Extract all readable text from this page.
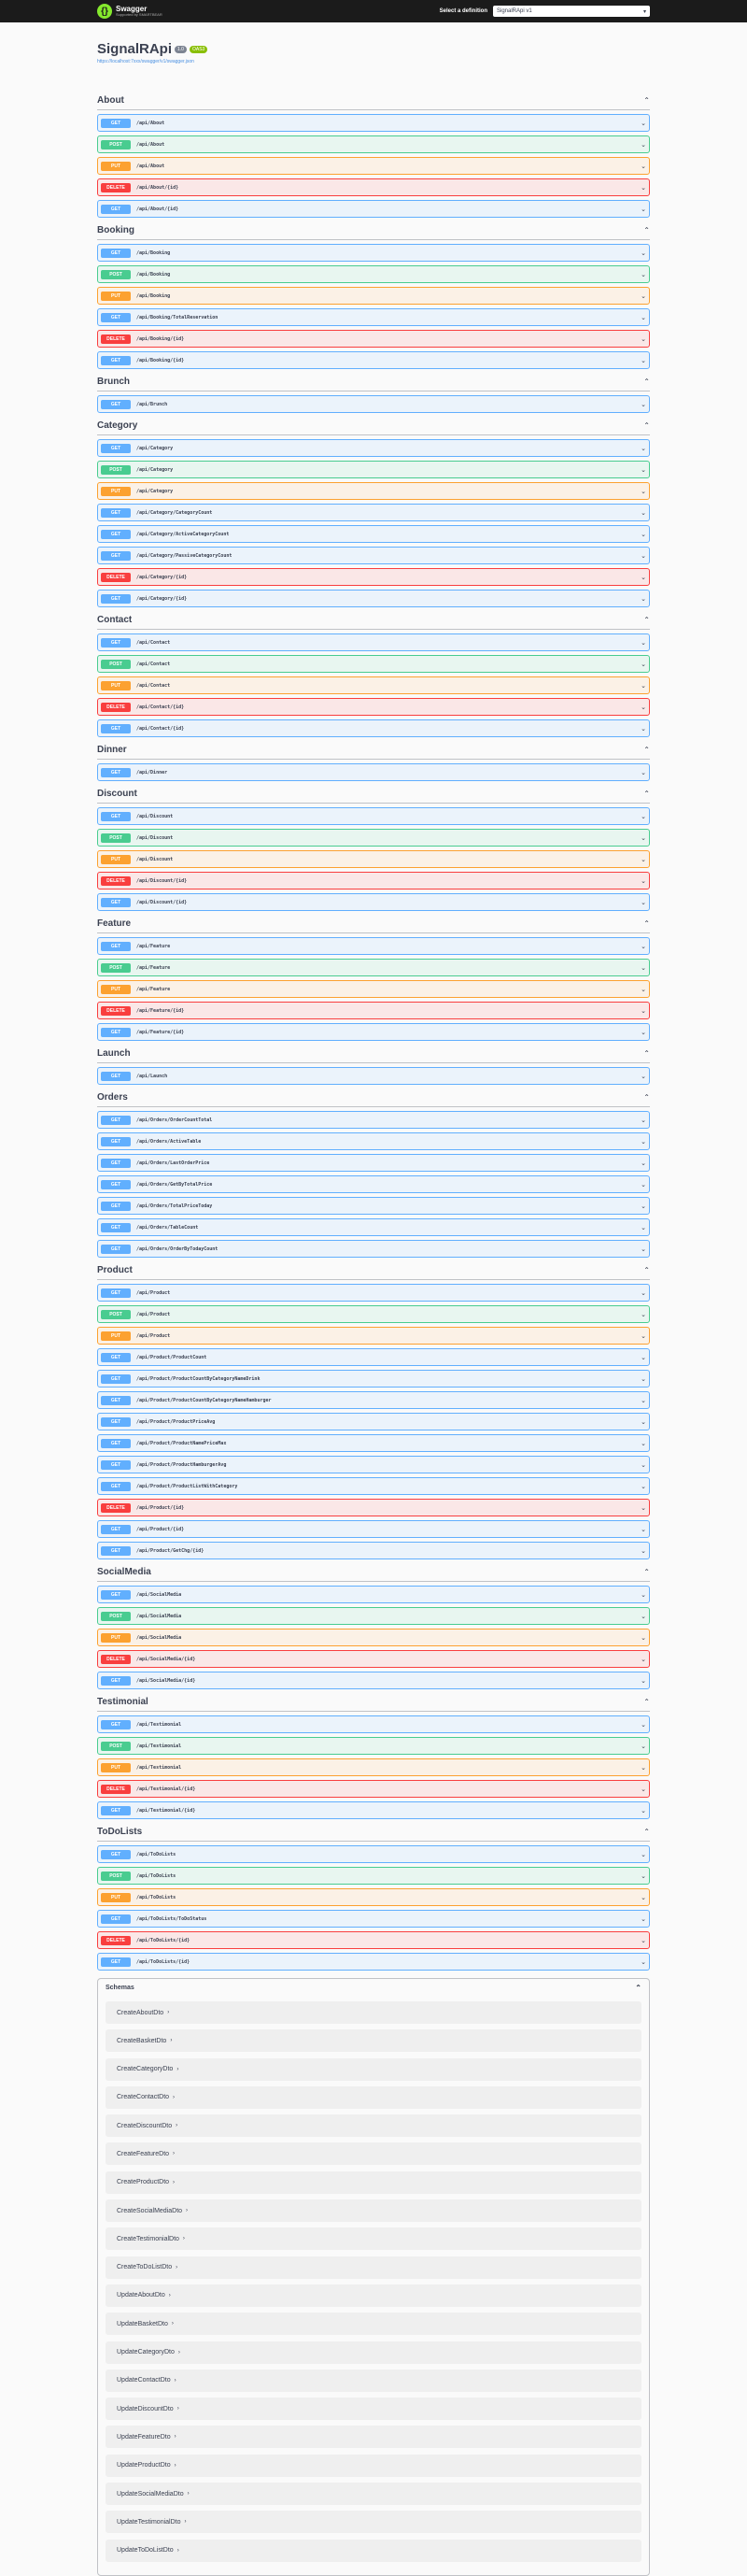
{}	Swagger
Supported by SMARTBEAR
Select a definition SignalRApi v1	▾
SignalRApi	1.0	OAS3
https://localhost:7xxx/swagger/v1/swagger.json
About	⌃
GET	/api/About	⌄
POST	/api/About	⌄
PUT	/api/About	⌄
DELETE	/api/About/{id}	⌄
GET	/api/About/{id}	⌄
Booking	⌃
GET	/api/Booking	⌄
POST	/api/Booking	⌄
PUT	/api/Booking	⌄
GET	/api/Booking/TotalReservation	⌄
DELETE	/api/Booking/{id}	⌄
GET	/api/Booking/{id}	⌄
Brunch	⌃
GET	/api/Brunch	⌄
Category	⌃
GET	/api/Category	⌄
POST	/api/Category	⌄
PUT	/api/Category	⌄
GET	/api/Category/CategoryCount	⌄
GET	/api/Category/ActiveCategoryCount	⌄
GET	/api/Category/PassiveCategoryCount	⌄
DELETE	/api/Category/{id}	⌄
GET	/api/Category/{id}	⌄
Contact	⌃
GET	/api/Contact	⌄
POST	/api/Contact	⌄
PUT	/api/Contact	⌄
DELETE	/api/Contact/{id}	⌄
GET	/api/Contact/{id}	⌄
Dinner	⌃
GET	/api/Dinner	⌄
Discount	⌃
GET	/api/Discount	⌄
POST	/api/Discount	⌄
PUT	/api/Discount	⌄
DELETE	/api/Discount/{id}	⌄
GET	/api/Discount/{id}	⌄
Feature	⌃
GET	/api/Feature	⌄
POST	/api/Feature	⌄
PUT	/api/Feature	⌄
DELETE	/api/Feature/{id}	⌄
GET	/api/Feature/{id}	⌄
Launch	⌃
GET	/api/Launch	⌄
Orders	⌃
GET	/api/Orders/OrderCountTotal	⌄
GET	/api/Orders/ActiveTable	⌄
GET	/api/Orders/LastOrderPrice	⌄
GET	/api/Orders/GetByTotalPrice	⌄
GET	/api/Orders/TotalPriceToday	⌄
GET	/api/Orders/TableCount	⌄
GET	/api/Orders/OrderByTodayCount	⌄
Product	⌃
GET	/api/Product	⌄
POST	/api/Product	⌄
PUT	/api/Product	⌄
GET	/api/Product/ProductCount	⌄
GET	/api/Product/ProductCountByCategoryNameDrink	⌄
GET	/api/Product/ProductCountByCategoryNameHamburger	⌄
GET	/api/Product/ProductPriceAvg	⌄
GET	/api/Product/ProductNamePriceMax	⌄
GET	/api/Product/ProductHamburgerAvg	⌄
GET	/api/Product/ProductListWithCategory	⌄
DELETE	/api/Product/{id}	⌄
GET	/api/Product/{id}	⌄
GET	/api/Product/GetChg/{id}	⌄
SocialMedia	⌃
GET	/api/SocialMedia	⌄
POST	/api/SocialMedia	⌄
PUT	/api/SocialMedia	⌄
DELETE	/api/SocialMedia/{id}	⌄
GET	/api/SocialMedia/{id}	⌄
Testimonial	⌃
GET	/api/Testimonial	⌄
POST	/api/Testimonial	⌄
PUT	/api/Testimonial	⌄
DELETE	/api/Testimonial/{id}	⌄
GET	/api/Testimonial/{id}	⌄
ToDoLists	⌃
GET	/api/ToDoLists	⌄
POST	/api/ToDoLists	⌄
PUT	/api/ToDoLists	⌄
GET	/api/ToDoLists/ToDoStatus	⌄
DELETE	/api/ToDoLists/{id}	⌄
GET	/api/ToDoLists/{id}	⌄
Schemas	⌃
CreateAboutDto ›
CreateBasketDto ›
CreateCategoryDto ›
CreateContactDto ›
CreateDiscountDto ›
CreateFeatureDto ›
CreateProductDto ›
CreateSocialMediaDto ›
CreateTestimonialDto ›
CreateToDoListDto ›
UpdateAboutDto ›
UpdateBasketDto ›
UpdateCategoryDto ›
UpdateContactDto ›
UpdateDiscountDto ›
UpdateFeatureDto ›
UpdateProductDto ›
UpdateSocialMediaDto ›
UpdateTestimonialDto ›
UpdateToDoListDto ›
